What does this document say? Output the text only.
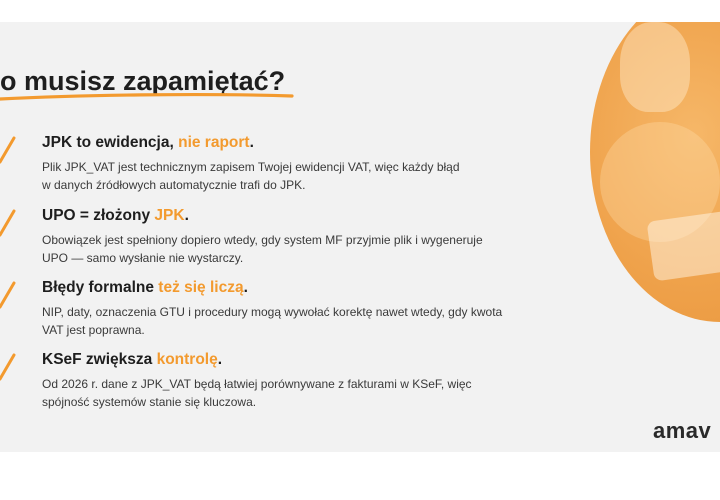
o musisz zapamiętać?
JPK to ewidencja, nie raport.
Plik JPK_VAT jest technicznym zapisem Twojej ewidencji VAT, więc każdy błąd
w danych źródłowych automatycznie trafi do JPK.
UPO = złożony JPK.
Obowiązek jest spełniony dopiero wtedy, gdy system MF przyjmie plik i wygeneruje
UPO — samo wysłanie nie wystarczy.
Błędy formalne też się liczą.
NIP, daty, oznaczenia GTU i procedury mogą wywołać korektę nawet wtedy, gdy kwota
VAT jest poprawna.
KSeF zwiększa kontrolę.
Od 2026 r. dane z JPK_VAT będą łatwiej porównywane z fakturami w KSeF, więc
spójność systemów stanie się kluczowa.
amav
